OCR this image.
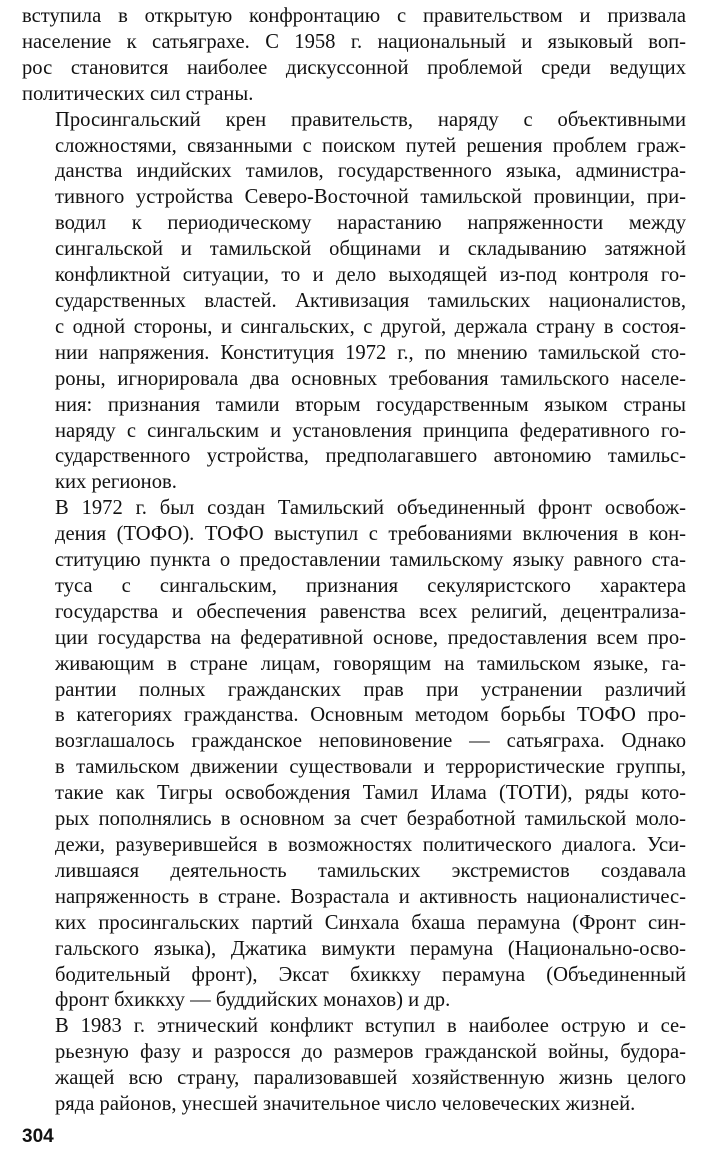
вступила в открытую конфронтацию с правительством и призвала
население к сатьяграхе. С 1958 г. национальный и языковый воп-
рос становится наиболее дискуссонной проблемой среди ведущих
политических сил страны.

Просингальский крен правительств, наряду с объективными
сложностями, связанными с поиском путей решения проблем граж-
данства индийских тамилов, государственного языка, администра-
тивного устройства Северо-Восточной тамильской провинции, при-
водил к периодическому нарастанию напряженности между
сингальской и тамильской общинами и складыванию затяжной
конфликтной ситуации, то и дело выходящей из-под контроля го-
сударственных властей. Активизация тамильских националистов,
с одной стороны, и сингальских, с другой, держала страну в состоя-
нии напряжения. Конституция 1972 г., по мнению тамильской сто-
роны, игнорировала два основных требования тамильского населе-
ния: признания тамили вторым государственным языком страны
наряду с сингальским и установления принципа федеративного го-
сударственного устройства, предполагавшего автономию тамильс-
ких регионов.

В 1972 г. был создан Тамильский объединенный фронт освобож-
дения (ТОФО). ТОФО выступил с требованиями включения в кон-
ституцию пункта о предоставлении тамильскому языку равного ста-
туса с сингальским, признания секуляристского характера
государства и обеспечения равенства всех религий, децентрализа-
ции государства на федеративной основе, предоставления всем про-
живающим в стране лицам, говорящим на тамильском языке, га-
рантии полных гражданских прав при устранении различий
в категориях гражданства. Основным методом борьбы ТОФО про-
возглашалось гражданское неповиновение — сатьяграха. Однако
в тамильском движении существовали и террористические группы,
такие как Тигры освобождения Тамил Илама (ТОТИ), ряды кото-
рых пополнялись в основном за счет безработной тамильской моло-
дежи, разуверившейся в возможностях политического диалога. Уси-
лившаяся деятельность тамильских экстремистов создавала
напряженность в стране. Возрастала и активность националистичес-
ких просингальских партий Синхала бхаша перамуна (Фронт син-
гальского языка), Джатика вимукти перамуна (Национально-осво-
бодительный фронт), Эксат бхиккху перамуна (Объединенный
фронт бхиккху — буддийских монахов) и др.

В 1983 г. этнический конфликт вступил в наиболее острую и се-
рьезную фазу и разросся до размеров гражданской войны, будора-
жащей всю страну, парализовавшей хозяйственную жизнь целого
ряда районов, унесшей значительное число человеческих жизней.

304
